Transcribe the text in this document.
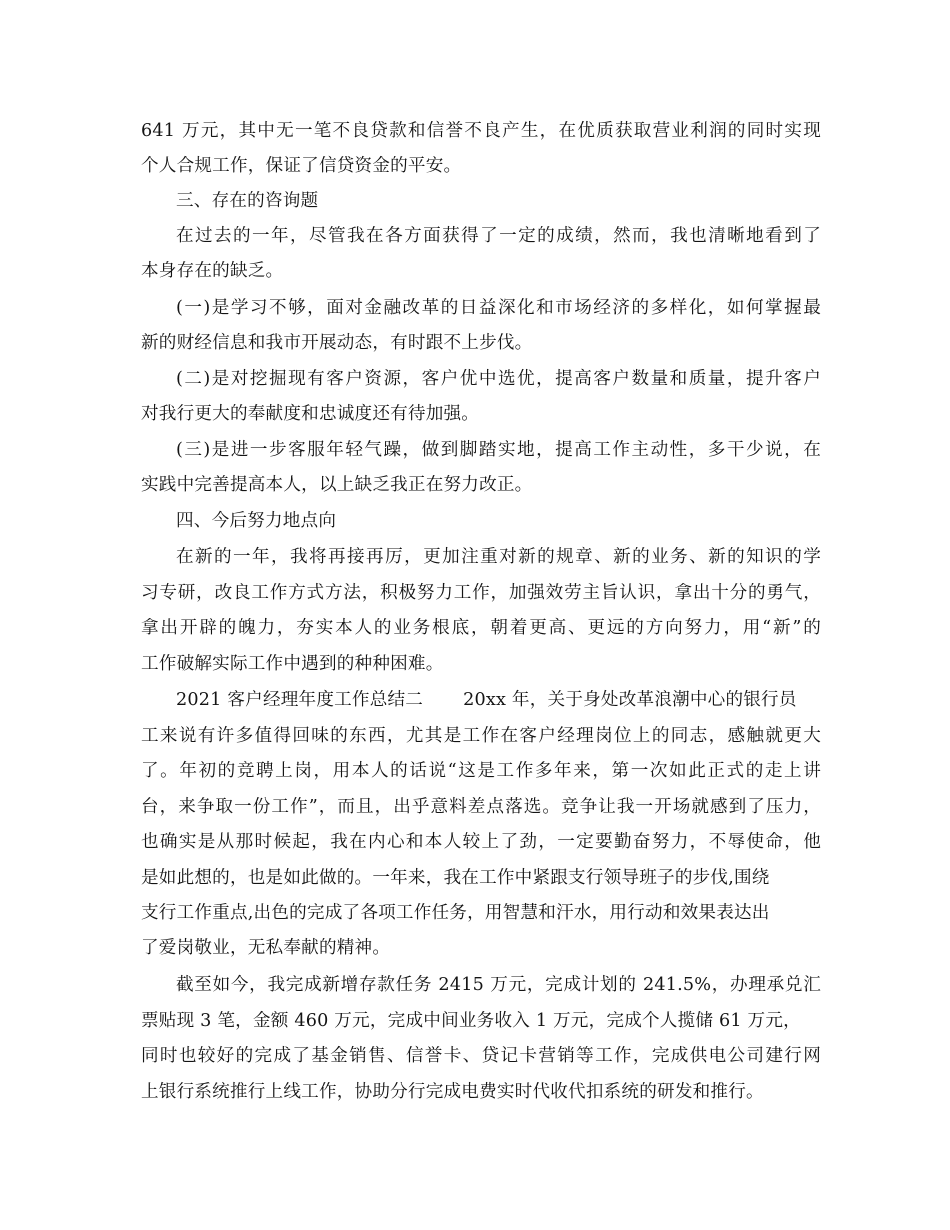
641 万元，其中无一笔不良贷款和信誉不良产生，在优质获取营业利润的同时实现
个人合规工作，保证了信贷资金的平安。
三、存在的咨询题
在过去的一年，尽管我在各方面获得了一定的成绩，然而，我也清晰地看到了
本身存在的缺乏。
(一)是学习不够，面对金融改革的日益深化和市场经济的多样化，如何掌握最
新的财经信息和我市开展动态，有时跟不上步伐。
(二)是对挖掘现有客户资源，客户优中选优，提高客户数量和质量，提升客户
对我行更大的奉献度和忠诚度还有待加强。
(三)是进一步客服年轻气躁，做到脚踏实地，提高工作主动性，多干少说，在
实践中完善提高本人，以上缺乏我正在努力改正。
四、今后努力地点向
在新的一年，我将再接再厉，更加注重对新的规章、新的业务、新的知识的学
习专研，改良工作方式方法，积极努力工作，加强效劳主旨认识，拿出十分的勇气，
拿出开辟的魄力，夯实本人的业务根底，朝着更高、更远的方向努力，用“新”的
工作破解实际工作中遇到的种种困难。
2021 客户经理年度工作总结二 20xx 年，关于身处改革浪潮中心的银行员
工来说有许多值得回味的东西，尤其是工作在客户经理岗位上的同志，感触就更大
了。年初的竞聘上岗，用本人的话说“这是工作多年来，第一次如此正式的走上讲
台，来争取一份工作”，而且，出乎意料差点落选。竞争让我一开场就感到了压力，
也确实是从那时候起，我在内心和本人较上了劲，一定要勤奋努力，不辱使命，他
是如此想的，也是如此做的。一年来，我在工作中紧跟支行领导班子的步伐,围绕
支行工作重点,出色的完成了各项工作任务，用智慧和汗水，用行动和效果表达出
了爱岗敬业，无私奉献的精神。
截至如今，我完成新增存款任务 2415 万元，完成计划的 241.5%，办理承兑汇
票贴现 3 笔，金额 460 万元，完成中间业务收入 1 万元，完成个人揽储 61 万元，
同时也较好的完成了基金销售、信誉卡、贷记卡营销等工作，完成供电公司建行网
上银行系统推行上线工作，协助分行完成电费实时代收代扣系统的研发和推行。
